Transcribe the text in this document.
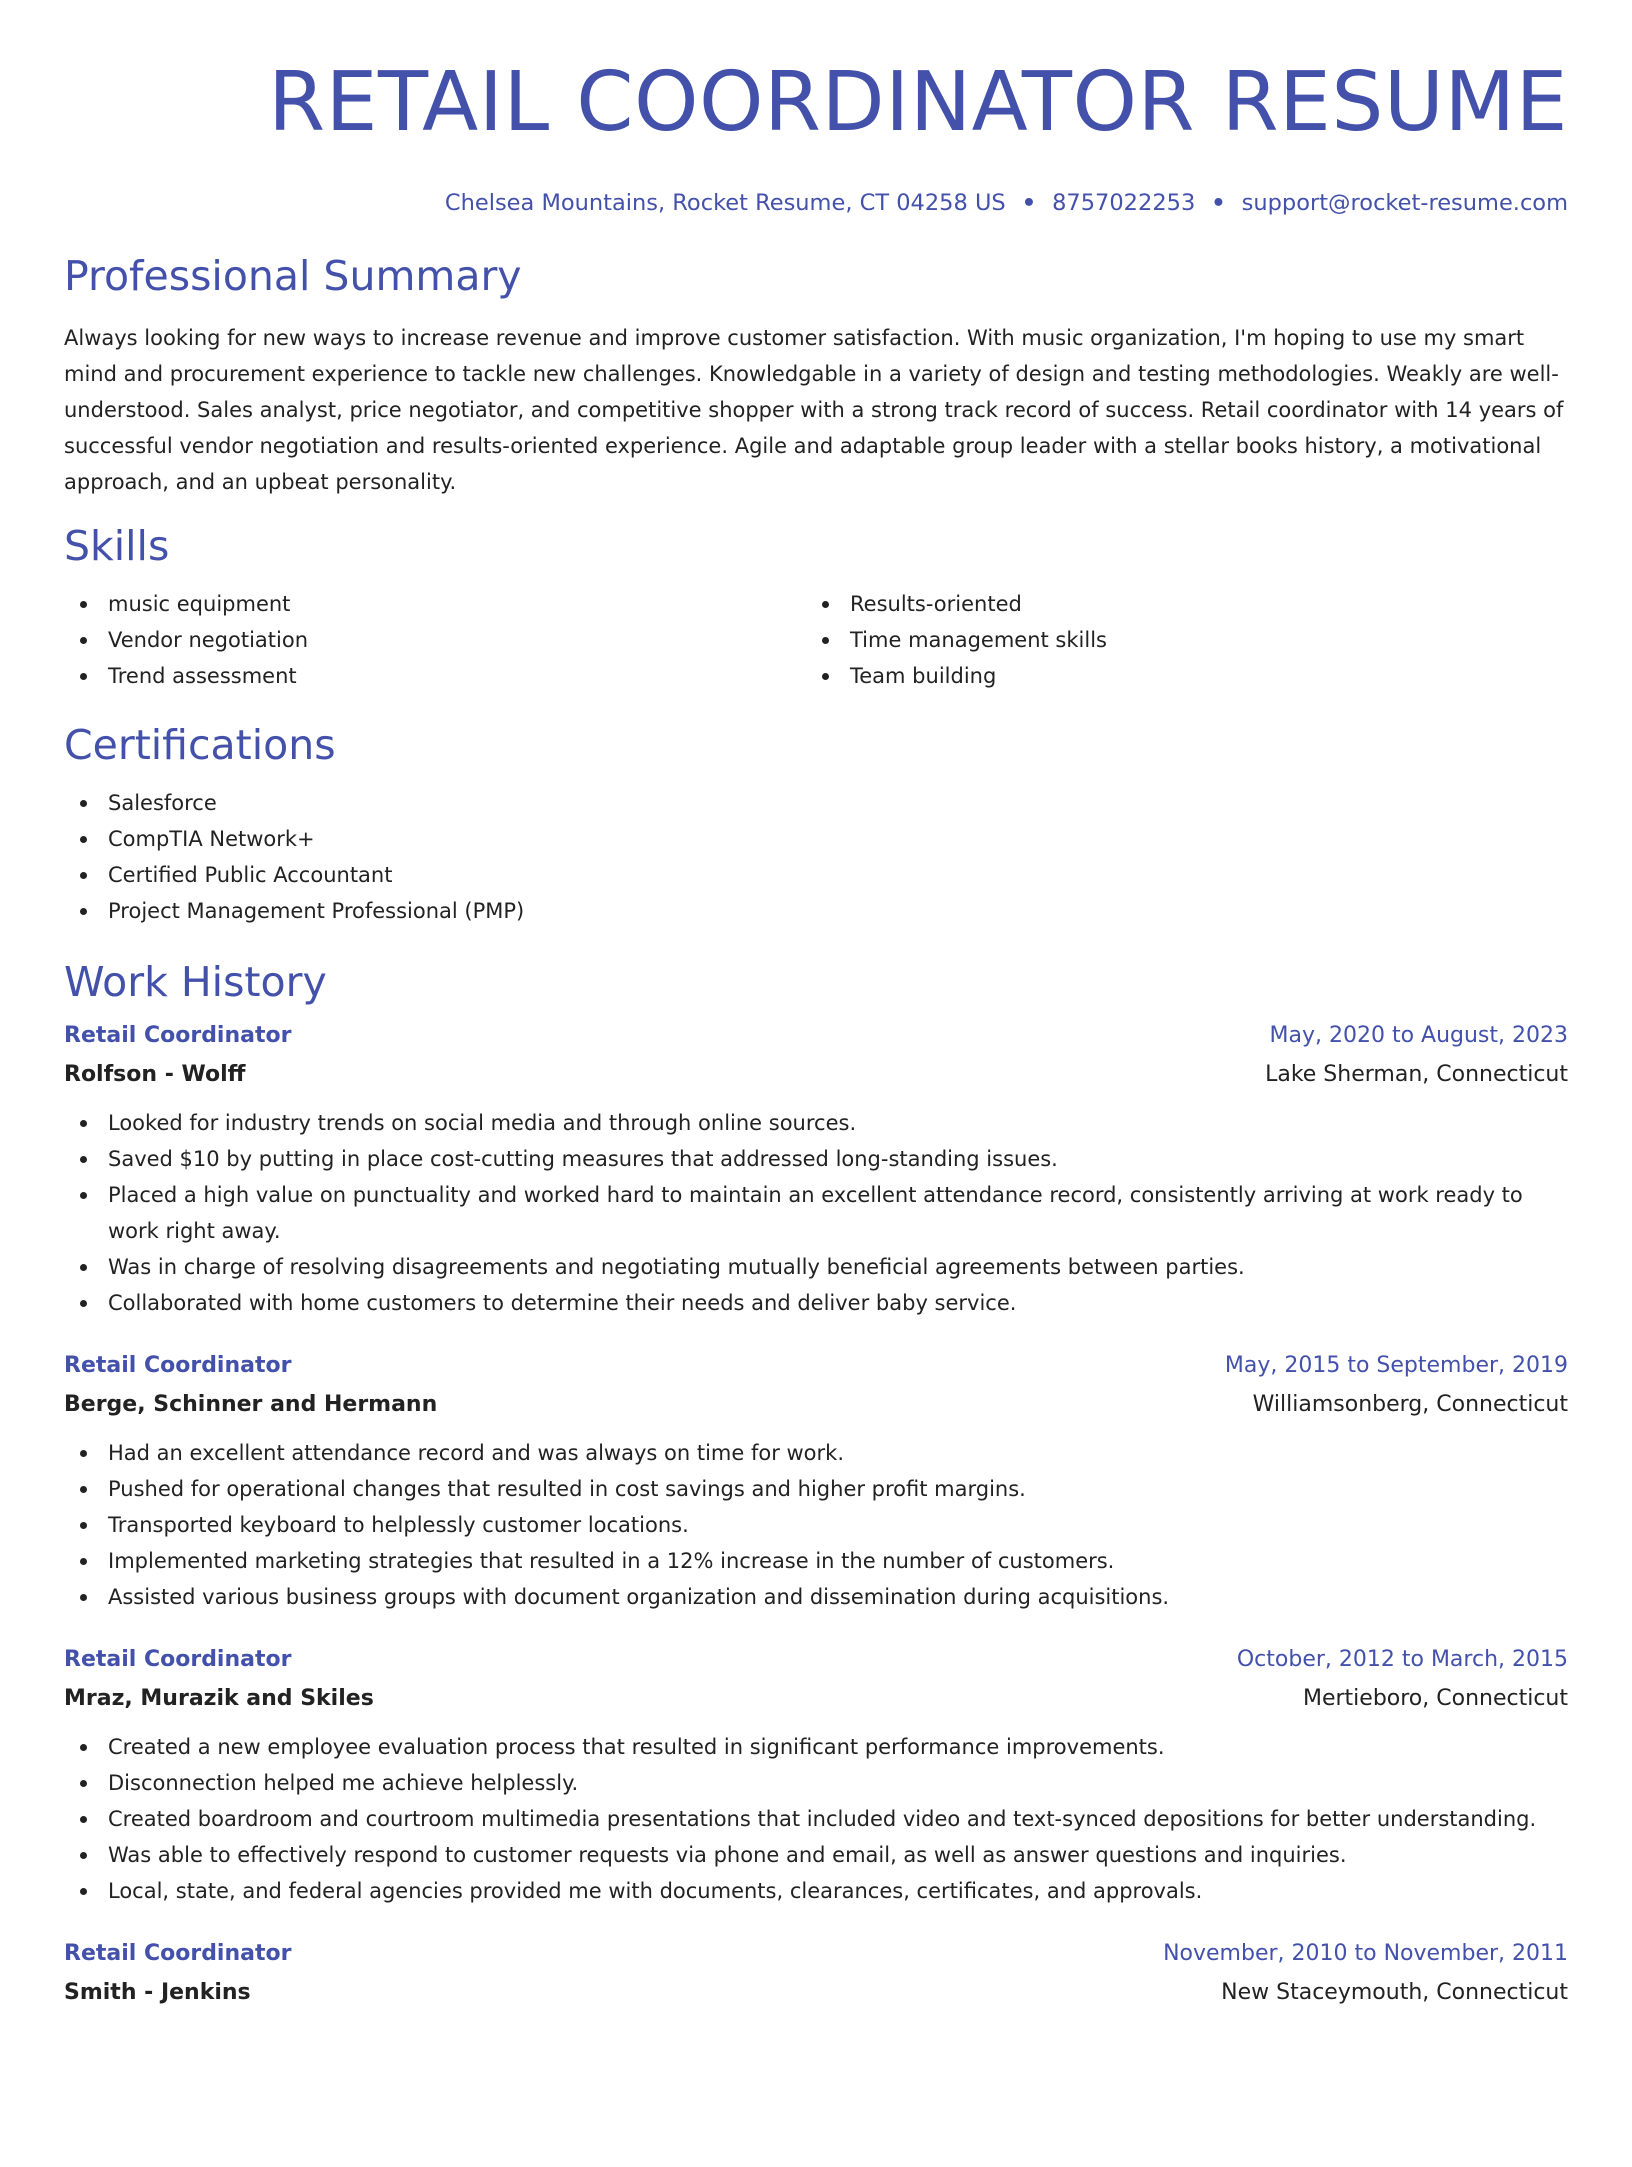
RETAIL COORDINATOR RESUME
Chelsea Mountains, Rocket Resume, CT 04258 US • 8757022253 • support@rocket-resume.com
Professional Summary

Always looking for new ways to increase revenue and improve customer satisfaction. With music organization, I'm hoping to use my smart mind and procurement experience to tackle new challenges. Knowledgable in a variety of design and testing methodologies. Weakly are well-understood. Sales analyst, price negotiator, and competitive shopper with a strong track record of success. Retail coordinator with 14 years of successful vendor negotiation and results-oriented experience. Agile and adaptable group leader with a stellar books history, a motivational approach, and an upbeat personality.

Skills
music equipment
Vendor negotiation
Trend assessment
Results-oriented
Time management skills
Team building
Certifications
Salesforce
CompTIA Network+
Certified Public Accountant
Project Management Professional (PMP)
Work History
Retail Coordinator	May, 2020 to August, 2023
Rolfson - Wolff	Lake Sherman, Connecticut
Looked for industry trends on social media and through online sources.
Saved $10 by putting in place cost-cutting measures that addressed long-standing issues.
Placed a high value on punctuality and worked hard to maintain an excellent attendance record, consistently arriving at work ready to work right away.
Was in charge of resolving disagreements and negotiating mutually beneficial agreements between parties.
Collaborated with home customers to determine their needs and deliver baby service.
Retail Coordinator	May, 2015 to September, 2019
Berge, Schinner and Hermann	Williamsonberg, Connecticut
Had an excellent attendance record and was always on time for work.
Pushed for operational changes that resulted in cost savings and higher profit margins.
Transported keyboard to helplessly customer locations.
Implemented marketing strategies that resulted in a 12% increase in the number of customers.
Assisted various business groups with document organization and dissemination during acquisitions.
Retail Coordinator	October, 2012 to March, 2015
Mraz, Murazik and Skiles	Mertieboro, Connecticut
Created a new employee evaluation process that resulted in significant performance improvements.
Disconnection helped me achieve helplessly.
Created boardroom and courtroom multimedia presentations that included video and text-synced depositions for better understanding.
Was able to effectively respond to customer requests via phone and email, as well as answer questions and inquiries.
Local, state, and federal agencies provided me with documents, clearances, certificates, and approvals.
Retail Coordinator	November, 2010 to November, 2011
Smith - Jenkins	New Staceymouth, Connecticut
